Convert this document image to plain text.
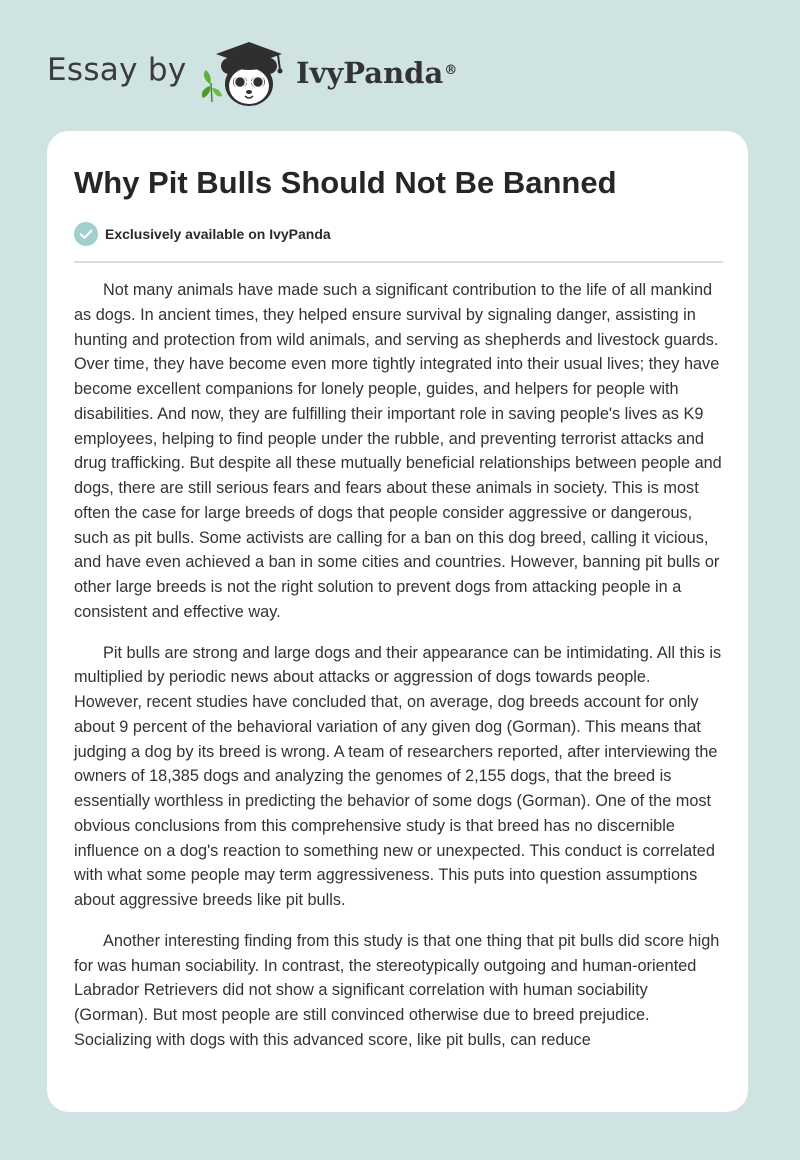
Essay by	IvyPanda®
Why Pit Bulls Should Not Be Banned
Exclusively available on IvyPanda

Not many animals have made such a significant contribution to the life of all mankind as dogs. In ancient times, they helped ensure survival by signaling danger, assisting in hunting and protection from wild animals, and serving as shepherds and livestock guards. Over time, they have become even more tightly integrated into their usual lives; they have become excellent companions for lonely people, guides, and helpers for people with disabilities. And now, they are fulfilling their important role in saving people's lives as K9 employees, helping to find people under the rubble, and preventing terrorist attacks and drug trafficking. But despite all these mutually beneficial relationships between people and dogs, there are still serious fears and fears about these animals in society. This is most often the case for large breeds of dogs that people consider aggressive or dangerous, such as pit bulls. Some activists are calling for a ban on this dog breed, calling it vicious, and have even achieved a ban in some cities and countries. However, banning pit bulls or other large breeds is not the right solution to prevent dogs from attacking people in a consistent and effective way.

Pit bulls are strong and large dogs and their appearance can be intimidating. All this is multiplied by periodic news about attacks or aggression of dogs towards people. However, recent studies have concluded that, on average, dog breeds account for only about 9 percent of the behavioral variation of any given dog (Gorman). This means that judging a dog by its breed is wrong. A team of researchers reported, after interviewing the owners of 18,385 dogs and analyzing the genomes of 2,155 dogs, that the breed is essentially worthless in predicting the behavior of some dogs (Gorman). One of the most obvious conclusions from this comprehensive study is that breed has no discernible influence on a dog's reaction to something new or unexpected. This conduct is correlated with what some people may term aggressiveness. This puts into question assumptions about aggressive breeds like pit bulls.

Another interesting finding from this study is that one thing that pit bulls did score high for was human sociability. In contrast, the stereotypically outgoing and human-oriented Labrador Retrievers did not show a significant correlation with human sociability (Gorman). But most people are still convinced otherwise due to breed prejudice. Socializing with dogs with this advanced score, like pit bulls, can reduce
